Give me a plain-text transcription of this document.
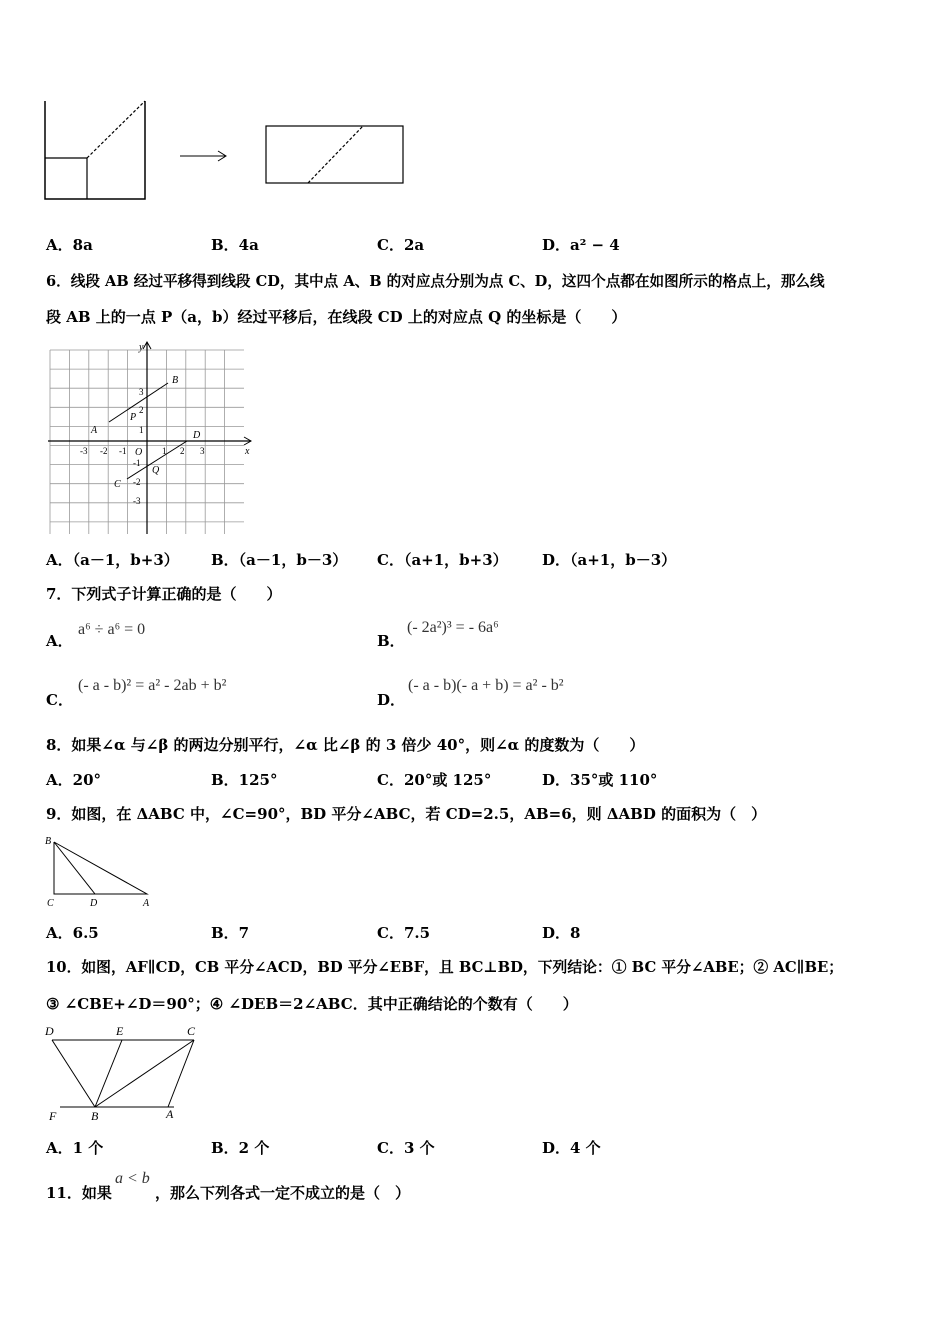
A．8a	B．4a	C．2a	D．a² − 4
6．线段 AB 经过平移得到线段 CD，其中点 A、B 的对应点分别为点 C、D，这四个点都在如图所示的格点上，那么线
段 AB 上的一点 P（a，b）经过平移后，在线段 CD 上的对应点 Q 的坐标是（　　）
y
x
O
A
B
C
D
P
Q
-3 -2 -1	1 2 3
3
2
1
-1
-2
-3
A．（a－1，b+3） B．（a－1，b－3） C．（a+1，b+3） D．（a+1，b－3）
7．下列式子计算正确的是（　　）
A．
a⁶ ÷ a⁶ = 0
B．
(- 2a²)³ = - 6a⁶
C．
(- a - b)² = a² - 2ab + b²
D．
(- a - b)(- a + b) = a² - b²
8．如果∠α 与∠β 的两边分别平行，∠α 比∠β 的 3 倍少 40°，则∠α 的度数为（　　）
A．20°	B．125°	C．20°或 125°	D．35°或 110°
9．如图，在 ΔABC 中，∠C=90°，BD 平分∠ABC，若 CD=2.5，AB=6，则 ΔABD 的面积为（　）
B
C	D	A
A．6.5	B．7	C．7.5	D．8
10．如图，AF∥CD，CB 平分∠ACD，BD 平分∠EBF，且 BC⊥BD，下列结论：① BC 平分∠ABE；② AC∥BE；
③ ∠CBE+∠D＝90°；④ ∠DEB＝2∠ABC．其中正确结论的个数有（　　）
D	E	C
F	B	A
A．1 个	B．2 个	C．3 个	D．4 个
11．如果
a < b
，那么下列各式一定不成立的是（　）
